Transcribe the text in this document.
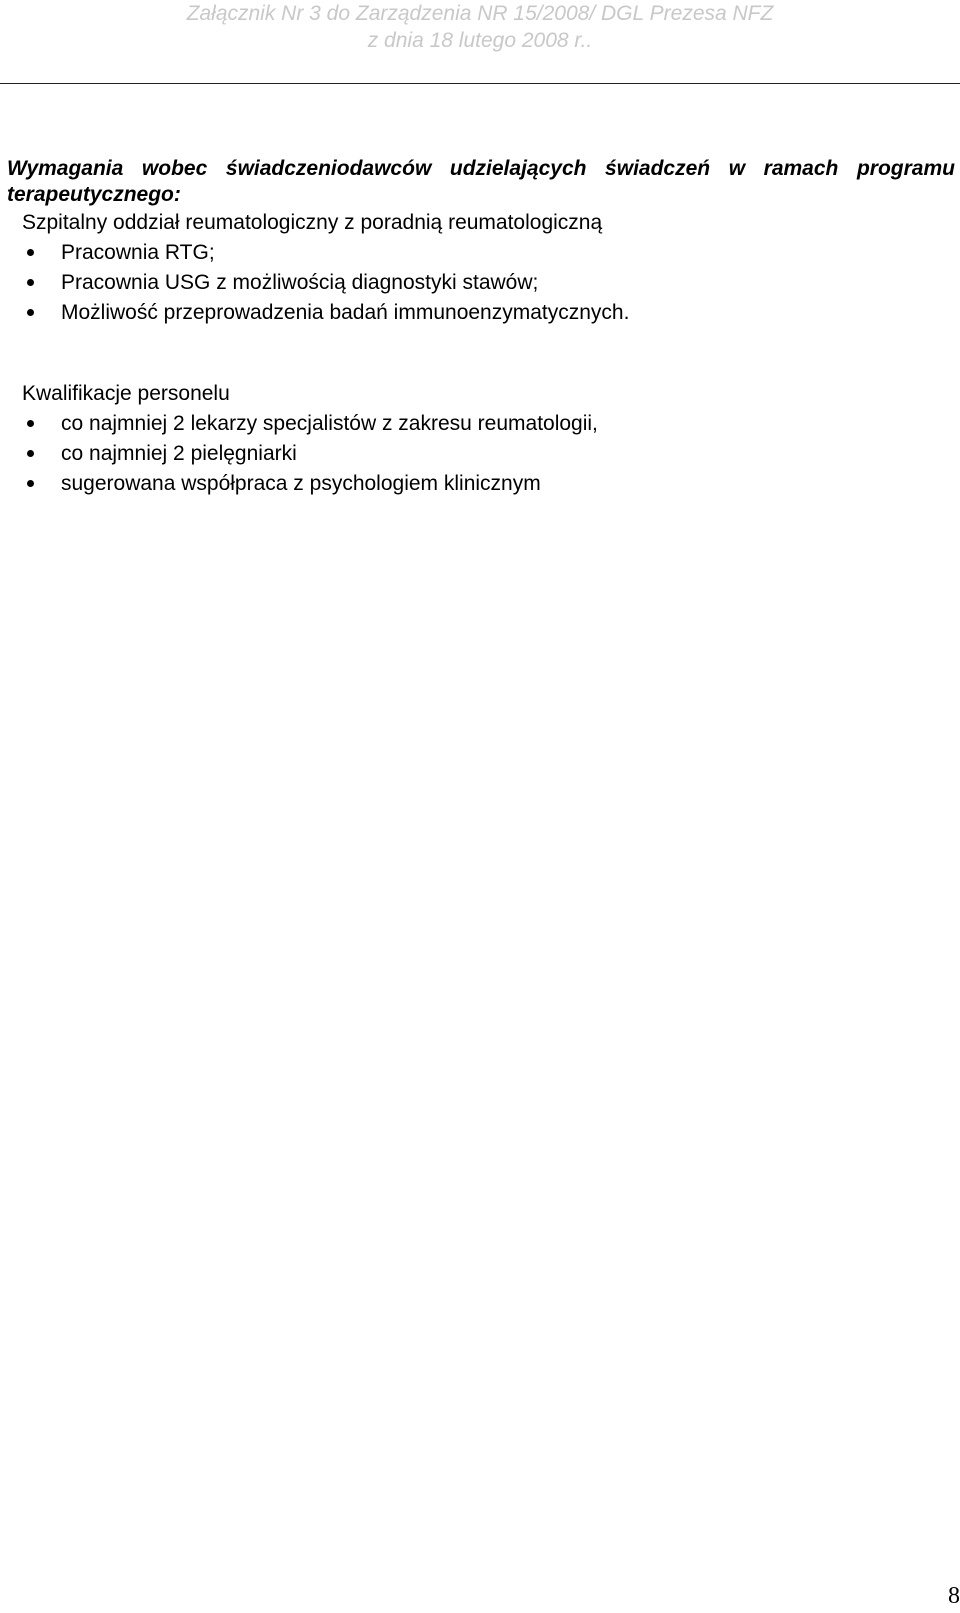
Załącznik Nr 3 do Zarządzenia NR 15/2008/ DGL Prezesa NFZ
z dnia 18 lutego 2008 r..
Wymagania wobec świadczeniodawców udzielających świadczeń w ramach programu terapeutycznego:
Szpitalny oddział reumatologiczny z poradnią reumatologiczną
Pracownia RTG;
Pracownia USG z możliwością diagnostyki stawów;
Możliwość przeprowadzenia badań immunoenzymatycznych.
Kwalifikacje personelu
co najmniej 2 lekarzy specjalistów z zakresu reumatologii,
co najmniej 2 pielęgniarki
sugerowana współpraca z psychologiem klinicznym
8
